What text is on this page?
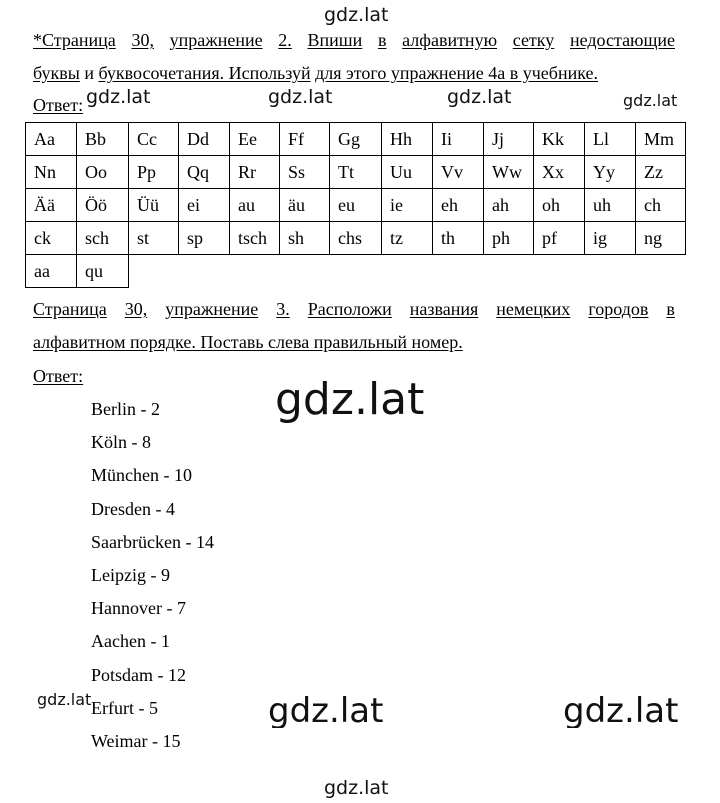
gdz.lat
gdz.lat	gdz.lat	gdz.lat	gdz.lat
gdz.lat
gdz.lat	gdz.lat	gdz.lat
gdz.lat
*Страница 30, упражнение 2. Впиши в алфавитную сетку недостающие
буквы и буквосочетания. Используй для этого упражнение 4а в учебнике.
Ответ:
Aa	Bb	Cc	Dd	Ee	Ff	Gg	Hh	Ii	Jj	Kk	Ll	Mm
Nn	Oo	Pp	Qq	Rr	Ss	Tt	Uu	Vv	Ww	Xx	Yy	Zz
Ää	Öö	Üü	ei	au	äu	eu	ie	eh	ah	oh	uh	ch
ck	sch	st	sp	tsch	sh	chs	tz	th	ph	pf	ig	ng
aa	qu											
Страница 30, упражнение 3. Расположи названия немецких городов в
алфавитном порядке. Поставь слева правильный номер.
Ответ:
Berlin - 2
Köln - 8
München - 10
Dresden - 4
Saarbrücken - 14
Leipzig - 9
Hannover - 7
Aachen - 1
Potsdam - 12
Erfurt - 5
Weimar - 15
